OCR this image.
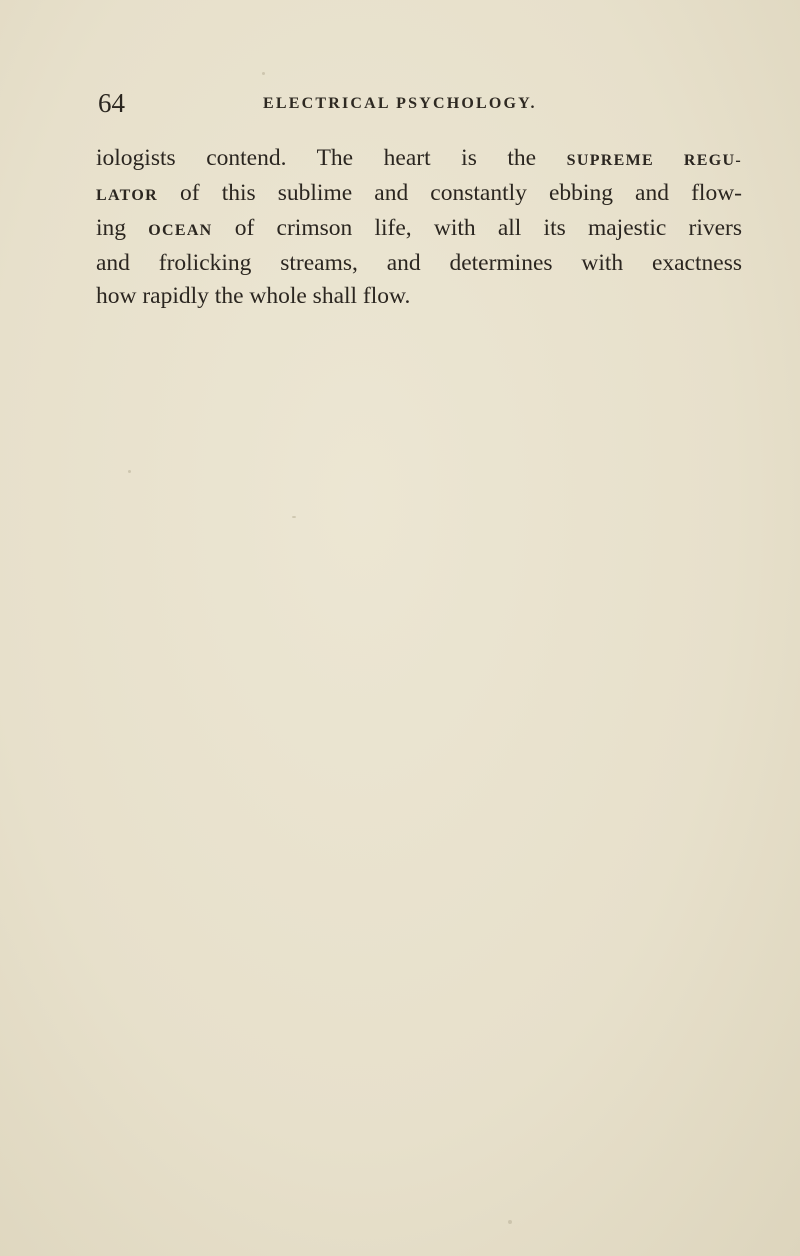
64	ELECTRICAL PSYCHOLOGY.

iologists contend. The heart is the SUPREME REGU-
LATOR of this sublime and constantly ebbing and flow-
ing OCEAN of crimson life, with all its majestic rivers
and frolicking streams, and determines with exactness
how rapidly the whole shall flow.
